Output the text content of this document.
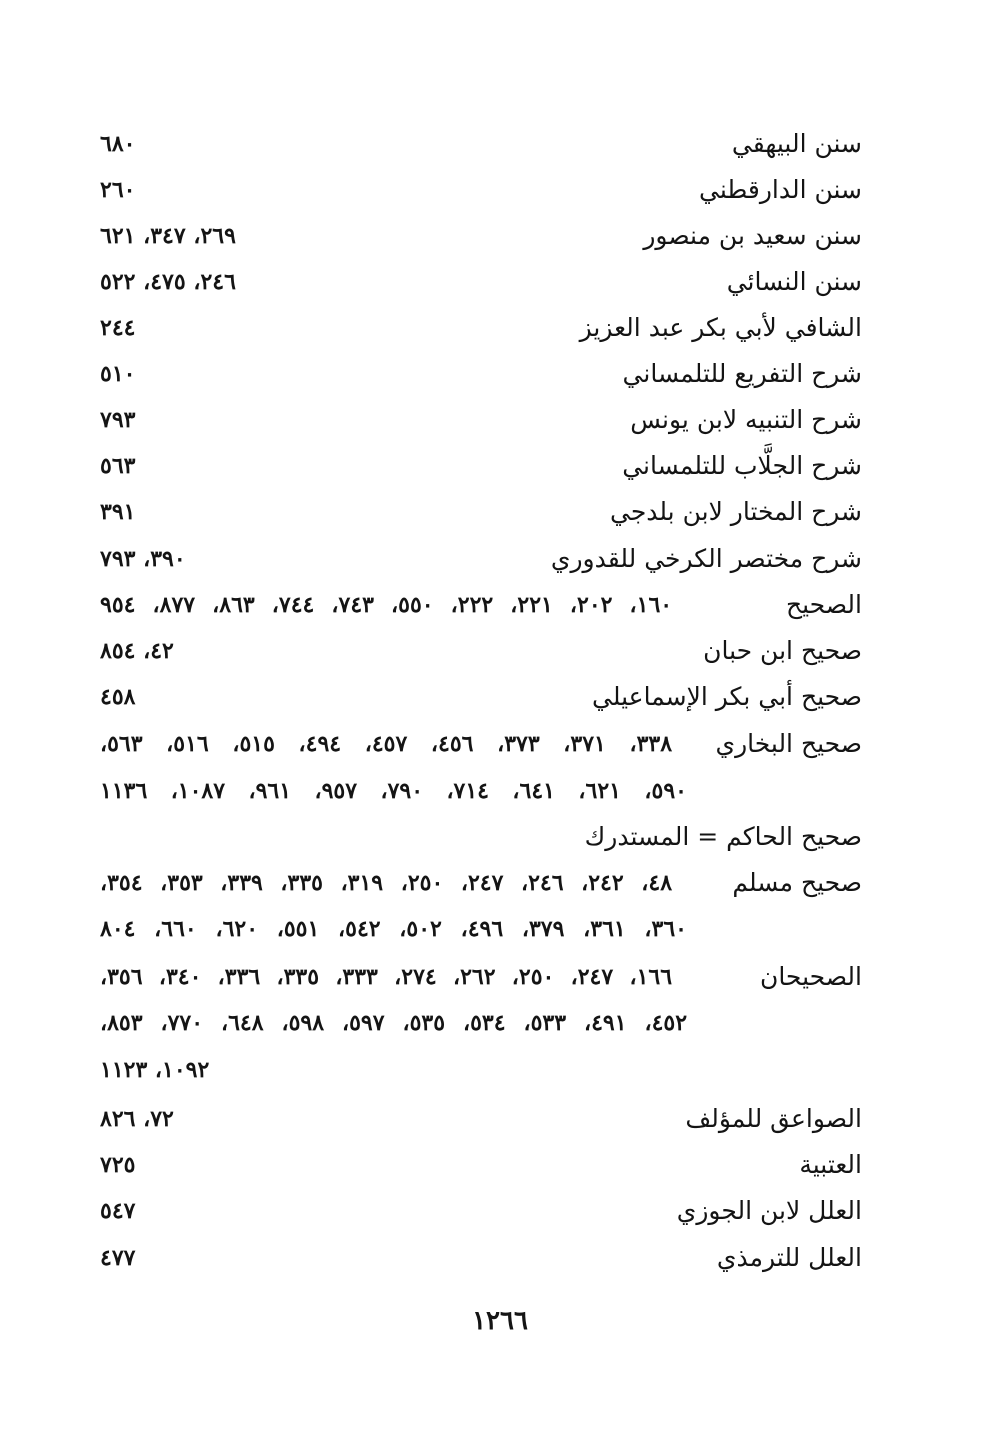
سنن البيهقي
٦٨٠
سنن الدارقطني
٢٦٠
سنن سعيد بن منصور
٢٦٩، ٣٤٧، ٦٢١
سنن النسائي
٢٤٦، ٤٧٥، ٥٢٢
الشافي لأبي بكر عبد العزيز
٢٤٤
شرح التفريع للتلمساني
٥١٠
شرح التنبيه لابن يونس
٧٩٣
شرح الجلَّاب للتلمساني
٥٦٣
شرح المختار لابن بلدجي
٣٩١
شرح مختصر الكرخي للقدوري
٣٩٠، ٧٩٣
الصحيح
١٦٠، ٢٠٢، ٢٢١، ٢٢٢، ٥٥٠، ٧٤٣، ٧٤٤، ٨٦٣، ٨٧٧، ٩٥٤
صحيح ابن حبان
٤٢، ٨٥٤
صحيح أبي بكر الإسماعيلي
٤٥٨
صحيح البخاري
٣٣٨، ٣٧١، ٣٧٣، ٤٥٦، ٤٥٧، ٤٩٤، ٥١٥، ٥١٦، ٥٦٣،
٥٩٠، ٦٢١، ٦٤١، ٧١٤، ٧٩٠، ٩٥٧، ٩٦١، ١٠٨٧، ١١٣٦
صحيح الحاكم = المستدرك
صحيح مسلم
٤٨، ٢٤٢، ٢٤٦، ٢٤٧، ٢٥٠، ٣١٩، ٣٣٥، ٣٣٩، ٣٥٣، ٣٥٤،
٣٦٠، ٣٦١، ٣٧٩، ٤٩٦، ٥٠٢، ٥٤٢، ٥٥١، ٦٢٠، ٦٦٠، ٨٠٤
الصحيحان
١٦٦، ٢٤٧، ٢٥٠، ٢٦٢، ٢٧٤، ٣٣٣، ٣٣٥، ٣٣٦، ٣٤٠، ٣٥٦،
٤٥٢، ٤٩١، ٥٣٣، ٥٣٤، ٥٣٥، ٥٩٧، ٥٩٨، ٦٤٨، ٧٧٠، ٨٥٣،
١٠٩٢، ١١٢٣
الصواعق للمؤلف
٧٢، ٨٢٦
العتبية
٧٢٥
العلل لابن الجوزي
٥٤٧
العلل للترمذي
٤٧٧
١٢٦٦
